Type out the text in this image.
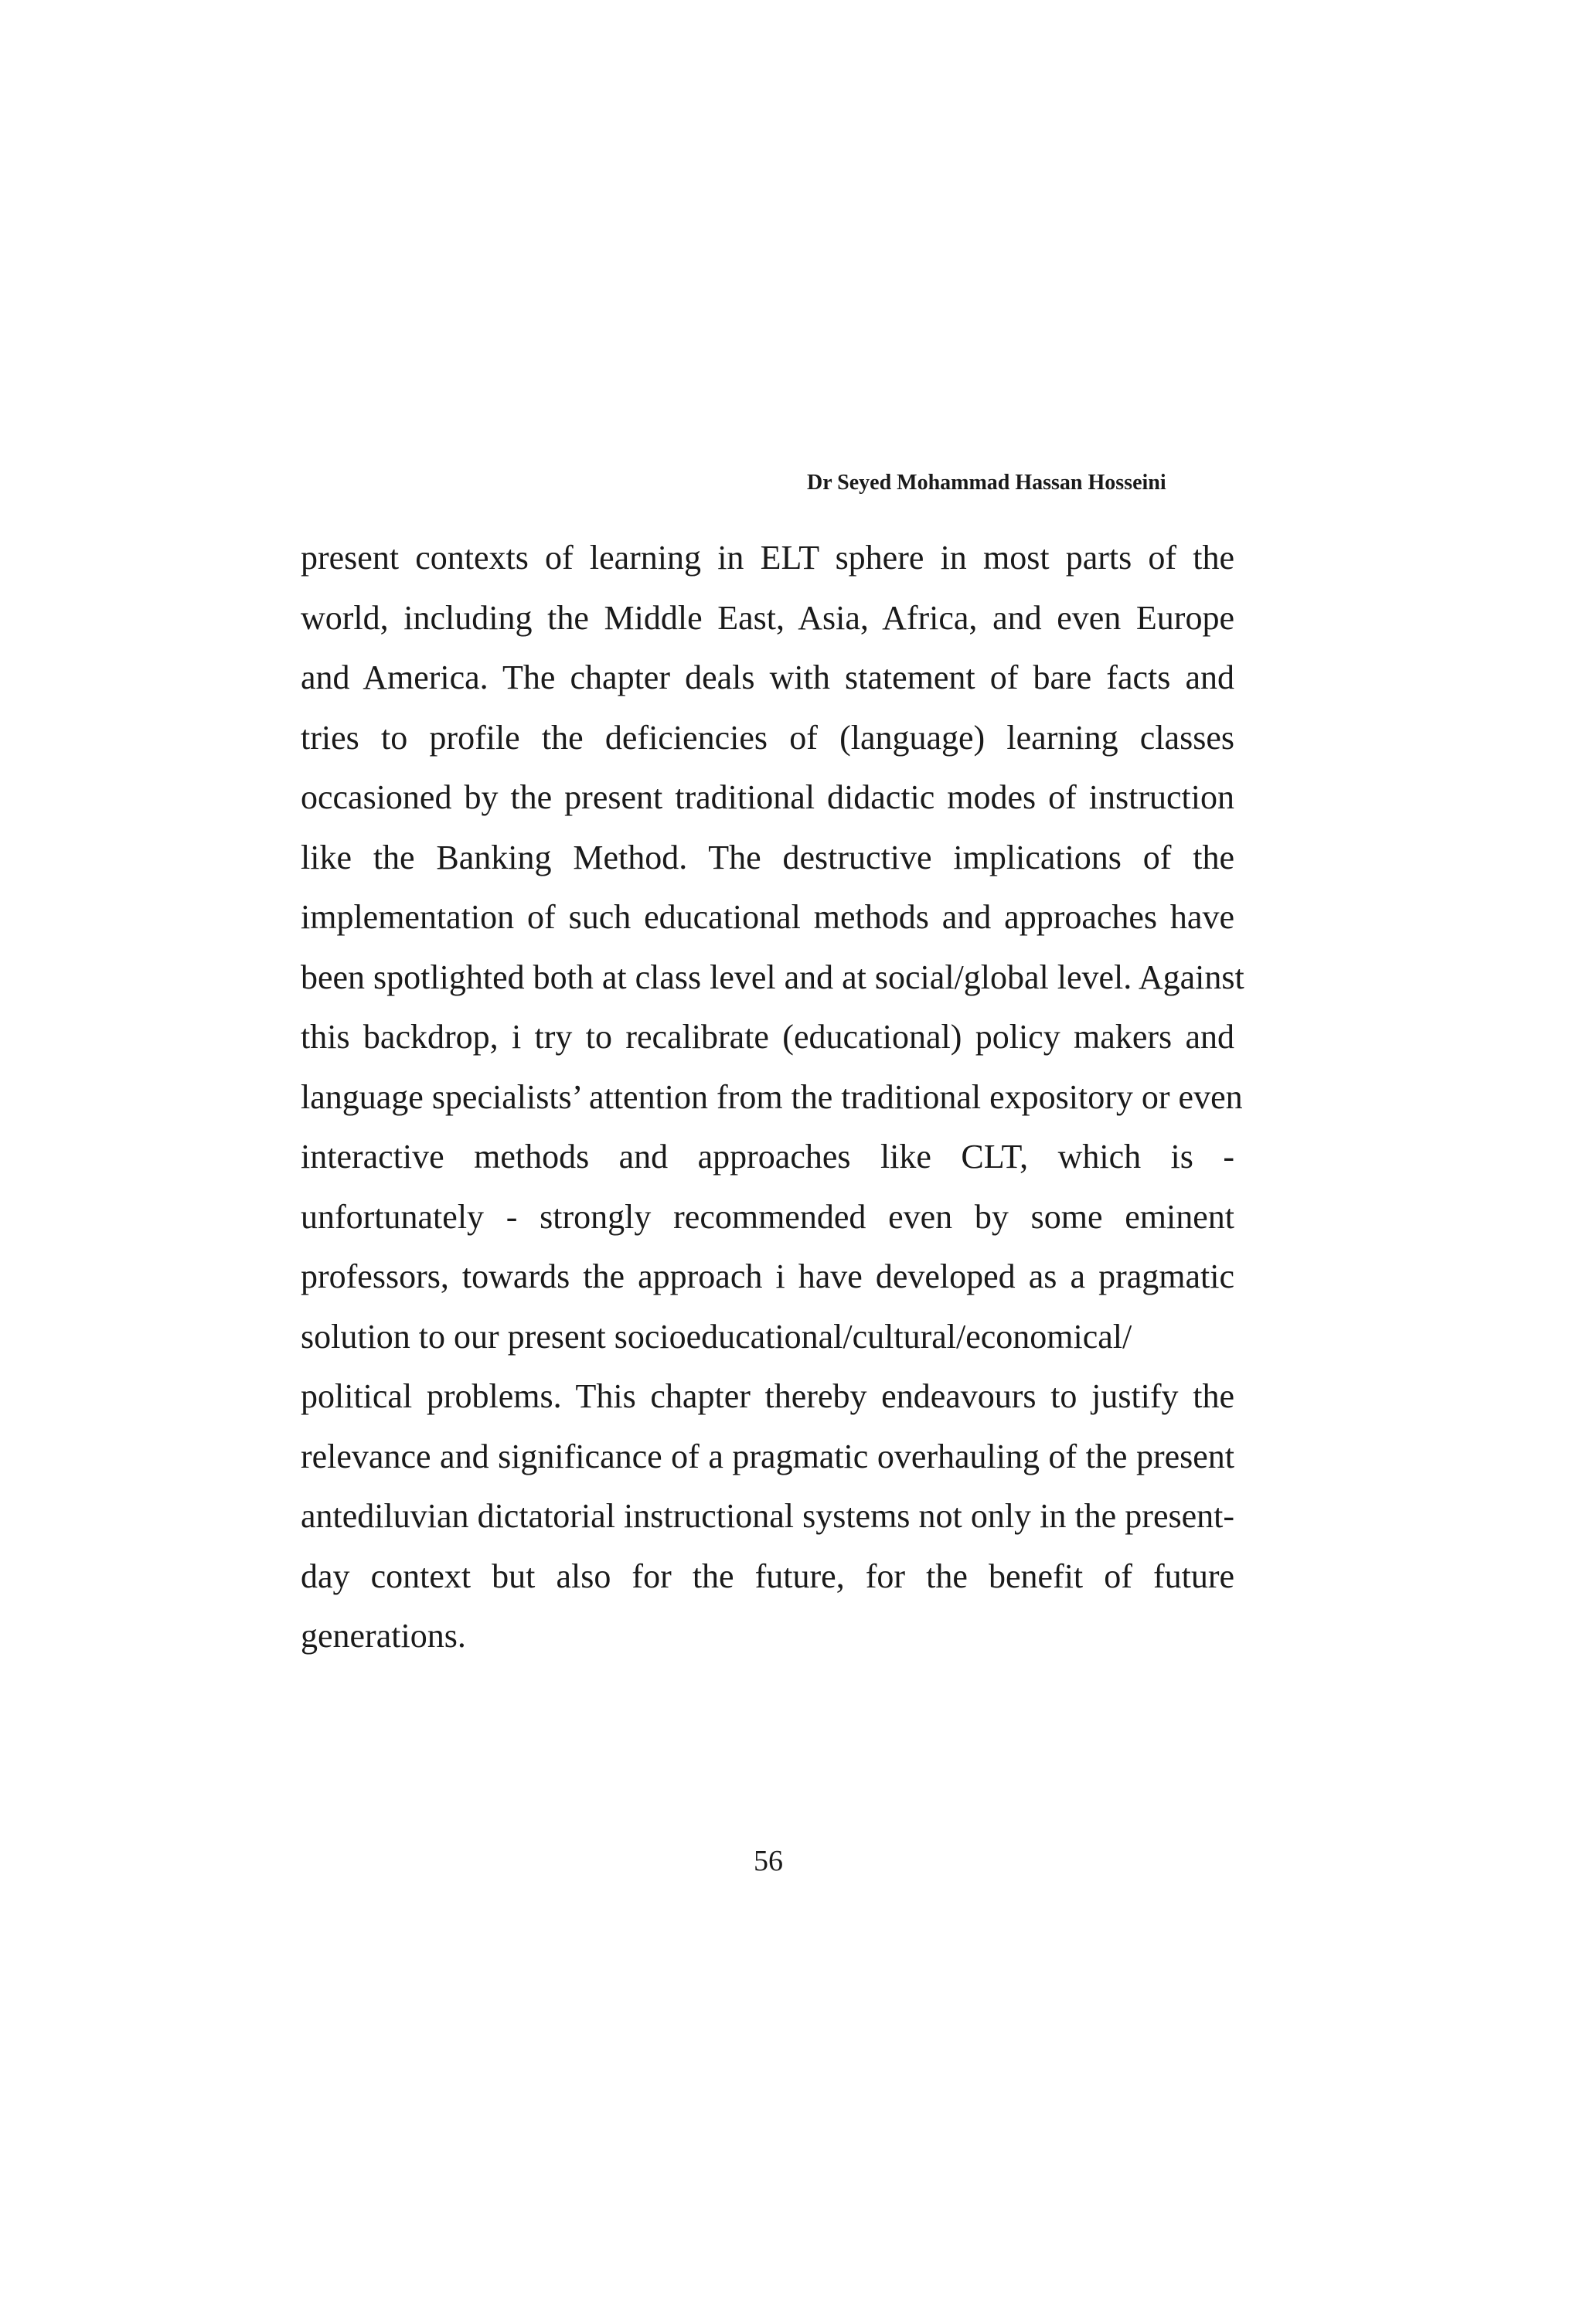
Dr Seyed Mohammad Hassan Hosseini
present contexts of learning in ELT sphere in most parts of the
world, including the Middle East, Asia, Africa, and even Europe
and America. The chapter deals with statement of bare facts and
tries to profile the deficiencies of (language) learning classes
occasioned by the present traditional didactic modes of instruction
like the Banking Method. The destructive implications of the
implementation of such educational methods and approaches have
been spotlighted both at class level and at social/global level. Against
this backdrop, i try to recalibrate (educational) policy makers and
language specialists’ attention from the traditional expository or even
interactive methods and approaches like CLT, which is -
unfortunately - strongly recommended even by some eminent
professors, towards the approach i have developed as a pragmatic
solution to our present socioeducational/cultural/economical/
political problems. This chapter thereby endeavours to justify the
relevance and significance of a pragmatic overhauling of the present
antediluvian dictatorial instructional systems not only in the present-
day context but also for the future, for the benefit of future
generations.
56
